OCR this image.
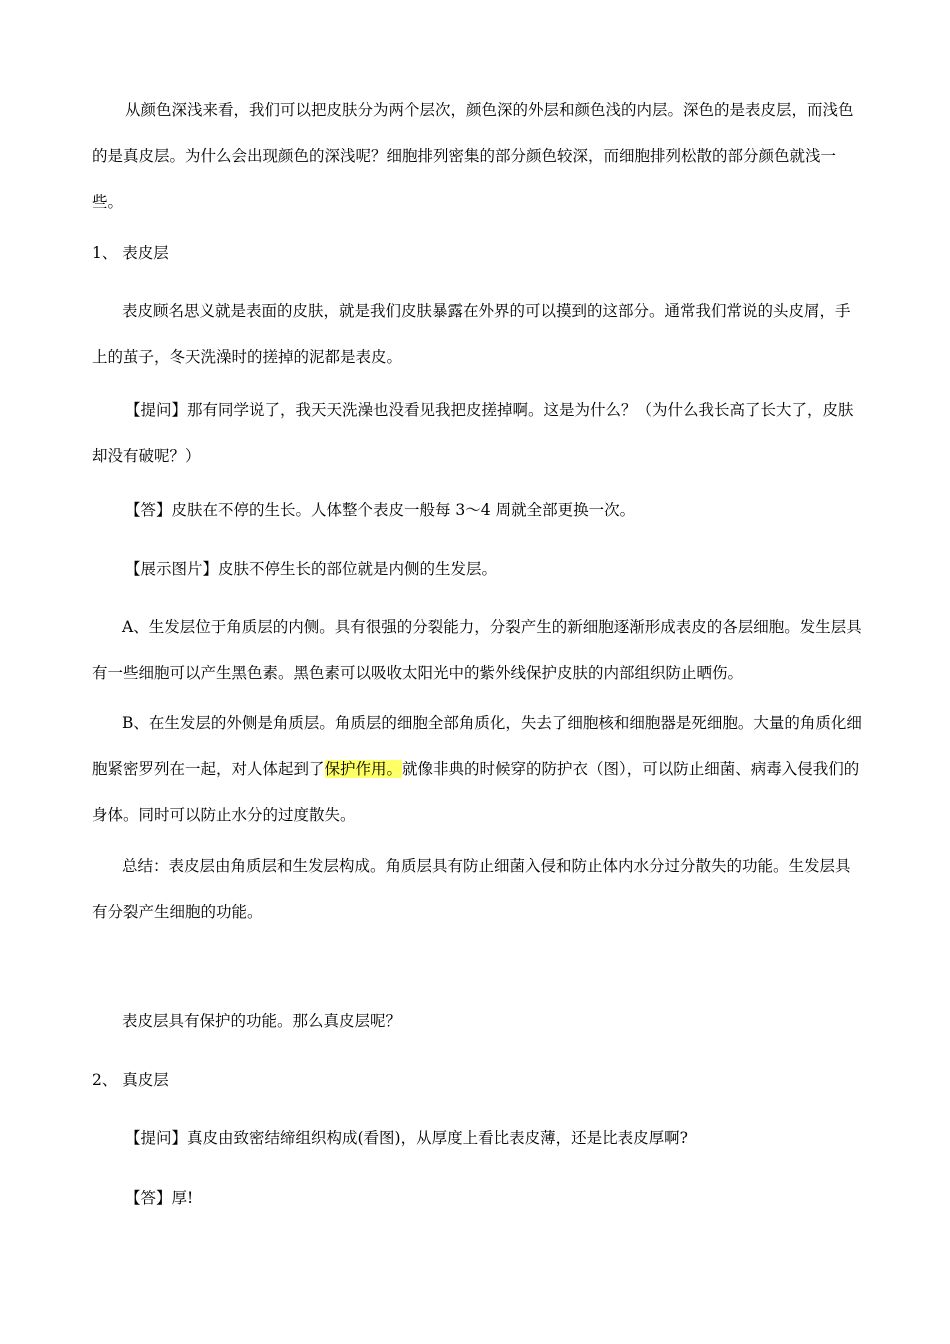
从颜色深浅来看，我们可以把皮肤分为两个层次，颜色深的外层和颜色浅的内层。深色的是表皮层，而浅色的是真皮层。为什么会出现颜色的深浅呢？细胞排列密集的部分颜色较深，而细胞排列松散的部分颜色就浅一些。

1、 表皮层

表皮顾名思义就是表面的皮肤，就是我们皮肤暴露在外界的可以摸到的这部分。通常我们常说的头皮屑，手上的茧子，冬天洗澡时的搓掉的泥都是表皮。

【提问】那有同学说了，我天天洗澡也没看见我把皮搓掉啊。这是为什么？（为什么我长高了长大了，皮肤却没有破呢？）

【答】皮肤在不停的生长。人体整个表皮一般每 3～4 周就全部更换一次。

【展示图片】皮肤不停生长的部位就是内侧的生发层。

A、生发层位于角质层的内侧。具有很强的分裂能力，分裂产生的新细胞逐渐形成表皮的各层细胞。发生层具有一些细胞可以产生黑色素。黑色素可以吸收太阳光中的紫外线保护皮肤的内部组织防止晒伤。

B、在生发层的外侧是角质层。角质层的细胞全部角质化，失去了细胞核和细胞器是死细胞。大量的角质化细胞紧密罗列在一起，对人体起到了保护作用。就像非典的时候穿的防护衣（图），可以防止细菌、病毒入侵我们的身体。同时可以防止水分的过度散失。

总结：表皮层由角质层和生发层构成。角质层具有防止细菌入侵和防止体内水分过分散失的功能。生发层具有分裂产生细胞的功能。

表皮层具有保护的功能。那么真皮层呢？

2、 真皮层

【提问】真皮由致密结缔组织构成(看图)，从厚度上看比表皮薄，还是比表皮厚啊?

【答】厚!
